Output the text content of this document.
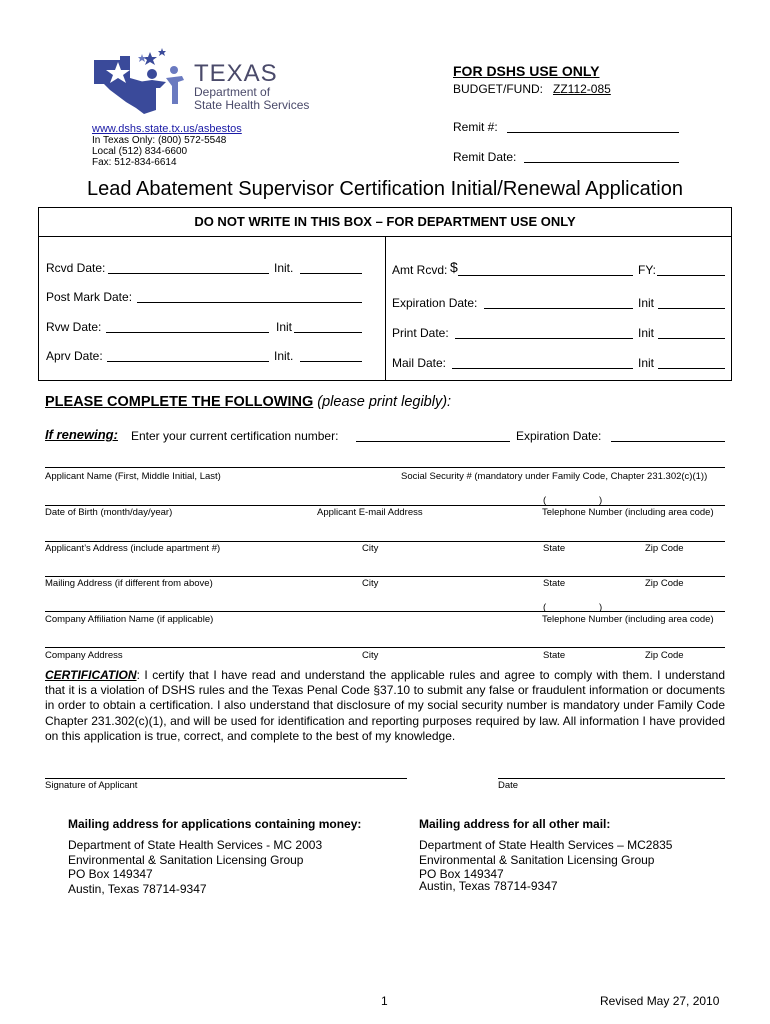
TEXAS
Department of
State Health Services
www.dshs.state.tx.us/asbestos
In Texas Only: (800) 572-5548
Local (512) 834-6600
Fax: 512-834-6614
FOR DSHS USE ONLY
BUDGET/FUND: ZZ112-085
Remit #:
Remit Date:
Lead Abatement Supervisor Certification Initial/Renewal Application
DO NOT WRITE IN THIS BOX – FOR DEPARTMENT USE ONLY
Rcvd Date:	Init.
Post Mark Date:
Rvw Date:	Init
Aprv Date:	Init.
Amt Rcvd: $	FY:
Expiration Date:	Init
Print Date:	Init
Mail Date:	Init
PLEASE COMPLETE THE FOLLOWING (please print legibly):
If renewing: Enter your current certification number:	Expiration Date:
Applicant Name (First, Middle Initial, Last)	Social Security # (mandatory under Family Code, Chapter 231.302(c)(1))
(	)
Date of Birth (month/day/year)	Applicant E-mail Address	Telephone Number (including area code)
Applicant’s Address (include apartment #)	City	State	Zip Code
Mailing Address (if different from above)	City	State	Zip Code
(	)
Company Affiliation Name (if applicable)	Telephone Number (including area code)
Company Address	City	State	Zip Code
CERTIFICATION: I certify that I have read and understand the applicable rules and agree to comply with them. I understand that it is a violation of DSHS rules and the Texas Penal Code §37.10 to submit any false or fraudulent information or documents in order to obtain a certification. I also understand that disclosure of my social security number is mandatory under Family Code Chapter 231.302(c)(1), and will be used for identification and reporting purposes required by law. All information I have provided on this application is true, correct, and complete to the best of my knowledge.
Signature of Applicant	Date
Mailing address for applications containing money:
Department of State Health Services - MC 2003
Environmental & Sanitation Licensing Group
PO Box 149347
Austin, Texas 78714-9347
Mailing address for all other mail:
Department of State Health Services – MC2835
Environmental & Sanitation Licensing Group
PO Box 149347
Austin, Texas 78714-9347
1	Revised May 27, 2010
